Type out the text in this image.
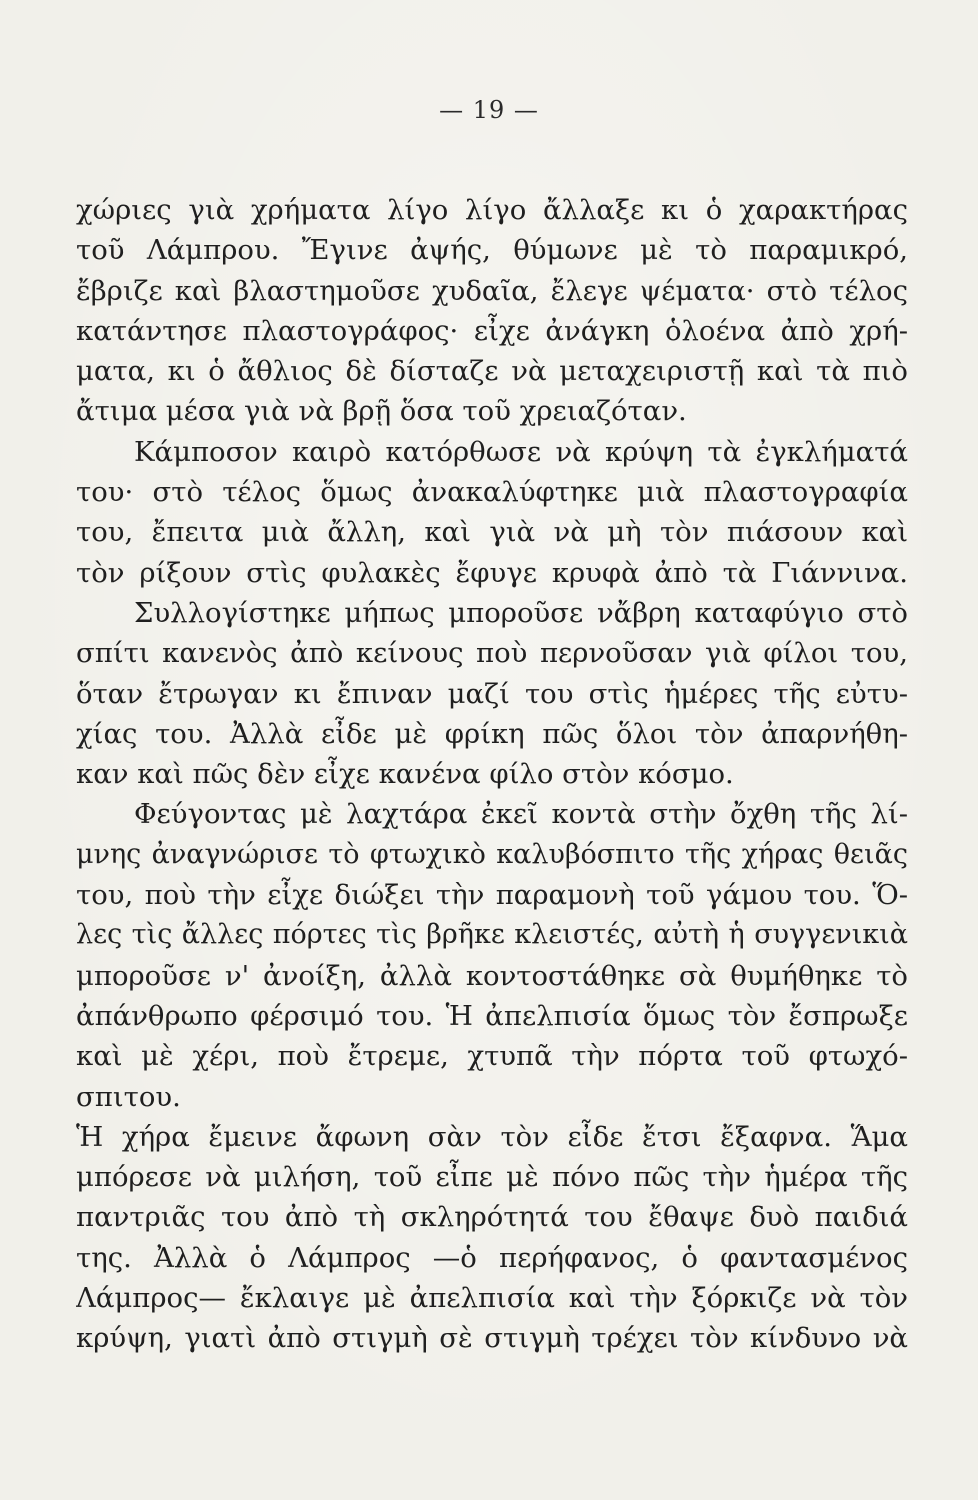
— 19 —
χώριες γιὰ χρήματα λίγο λίγο ἄλλαξε κι ὁ χαρακτήρας
τοῦ Λάμπρου. Ἔγινε ἀψής, θύμωνε μὲ τὸ παραμικρό,
ἔβριζε καὶ βλαστημοῦσε χυδαῖα, ἔλεγε ψέματα· στὸ τέλος
κατάντησε πλαστογράφος· εἶχε ἀνάγκη ὁλοένα ἀπὸ χρή-
ματα, κι ὁ ἄθλιος δὲ δίσταζε νὰ μεταχειριστῇ καὶ τὰ πιὸ
ἄτιμα μέσα γιὰ νὰ βρῇ ὅσα τοῦ χρειαζόταν.
Κάμποσον καιρὸ κατόρθωσε νὰ κρύψη τὰ ἐγκλήματά
του· στὸ τέλος ὅμως ἀνακαλύφτηκε μιὰ πλαστογραφία
του, ἔπειτα μιὰ ἄλλη, καὶ γιὰ νὰ μὴ τὸν πιάσουν καὶ
τὸν ρίξουν στὶς φυλακὲς ἔφυγε κρυφὰ ἀπὸ τὰ Γιάννινα.
Συλλογίστηκε μήπως μποροῦσε νἄβρη καταφύγιο στὸ
σπίτι κανενὸς ἀπὸ κείνους ποὺ περνοῦσαν γιὰ φίλοι του,
ὅταν ἔτρωγαν κι ἔπιναν μαζί του στὶς ἡμέρες τῆς εὐτυ-
χίας του. Ἀλλὰ εἶδε μὲ φρίκη πῶς ὅλοι τὸν ἀπαρνήθη-
καν καὶ πῶς δὲν εἶχε κανένα φίλο στὸν κόσμο.
Φεύγοντας μὲ λαχτάρα ἐκεῖ κοντὰ στὴν ὄχθη τῆς λί-
μνης ἀναγνώρισε τὸ φτωχικὸ καλυβόσπιτο τῆς χήρας θειᾶς
του, ποὺ τὴν εἶχε διώξει τὴν παραμονὴ τοῦ γάμου του. Ὅ-
λες τὶς ἄλλες πόρτες τὶς βρῆκε κλειστές, αὐτὴ ἡ συγγενικιὰ
μποροῦσε ν' ἀνοίξη, ἀλλὰ κοντοστάθηκε σὰ θυμήθηκε τὸ
ἀπάνθρωπο φέρσιμό του. Ἡ ἀπελπισία ὅμως τὸν ἔσπρωξε
καὶ μὲ χέρι, ποὺ ἔτρεμε, χτυπᾶ τὴν πόρτα τοῦ φτωχό-
σπιτου.
Ἡ χήρα ἔμεινε ἄφωνη σὰν τὸν εἶδε ἔτσι ἔξαφνα. Ἅμα
μπόρεσε νὰ μιλήση, τοῦ εἶπε μὲ πόνο πῶς τὴν ἡμέρα τῆς
παντριᾶς του ἀπὸ τὴ σκληρότητά του ἔθαψε δυὸ παιδιά
της. Ἀλλὰ ὁ Λάμπρος —ὁ περήφανος, ὁ φαντασμένος
Λάμπρος— ἔκλαιγε μὲ ἀπελπισία καὶ τὴν ξόρκιζε νὰ τὸν
κρύψη, γιατὶ ἀπὸ στιγμὴ σὲ στιγμὴ τρέχει τὸν κίνδυνο νὰ
